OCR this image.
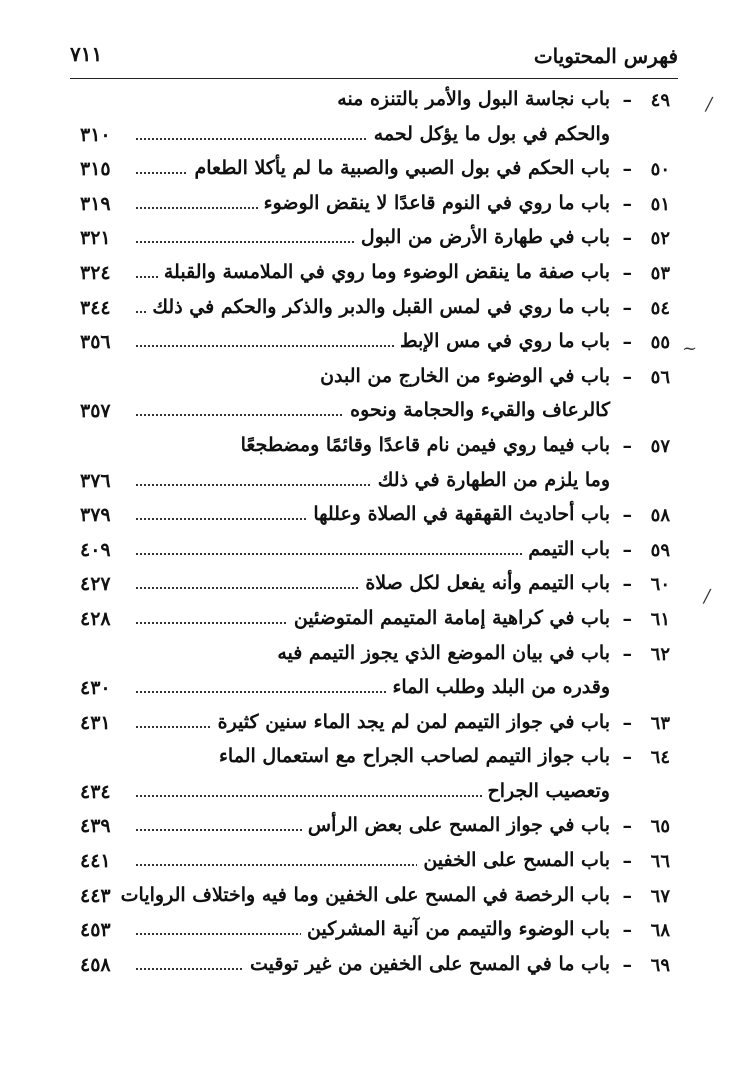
فهرس المحتويات
٧١١
∕
~
∕
٤٩
–
باب نجاسة البول والأمر بالتنزه منه
والحكم في بول ما يؤكل لحمه
٣١٠
٥٠
–
باب الحكم في بول الصبي والصبية ما لم يأكلا الطعام
٣١٥
٥١
–
باب ما روي في النوم قاعدًا لا ينقض الوضوء
٣١٩
٥٢
–
باب في طهارة الأرض من البول
٣٢١
٥٣
–
باب صفة ما ينقض الوضوء وما روي في الملامسة والقبلة
٣٢٤
٥٤
–
باب ما روي في لمس القبل والدبر والذكر والحكم في ذلك
٣٤٤
٥٥
–
باب ما روي في مس الإبط
٣٥٦
٥٦
–
باب في الوضوء من الخارج من البدن
كالرعاف والقيء والحجامة ونحوه
٣٥٧
٥٧
–
باب فيما روي فيمن نام قاعدًا وقائمًا ومضطجعًا
وما يلزم من الطهارة في ذلك
٣٧٦
٥٨
–
باب أحاديث القهقهة في الصلاة وعللها
٣٧٩
٥٩
–
باب التيمم
٤٠٩
٦٠
–
باب التيمم وأنه يفعل لكل صلاة
٤٢٧
٦١
–
باب في كراهية إمامة المتيمم المتوضئين
٤٢٨
٦٢
–
باب في بيان الموضع الذي يجوز التيمم فيه
وقدره من البلد وطلب الماء
٤٣٠
٦٣
–
باب في جواز التيمم لمن لم يجد الماء سنين كثيرة
٤٣١
٦٤
–
باب جواز التيمم لصاحب الجراح مع استعمال الماء
وتعصيب الجراح
٤٣٤
٦٥
–
باب في جواز المسح على بعض الرأس
٤٣٩
٦٦
–
باب المسح على الخفين
٤٤١
٦٧
–
باب الرخصة في المسح على الخفين وما فيه واختلاف الروايات
٤٤٣
٦٨
–
باب الوضوء والتيمم من آنية المشركين
٤٥٣
٦٩
–
باب ما في المسح على الخفين من غير توقيت
٤٥٨
